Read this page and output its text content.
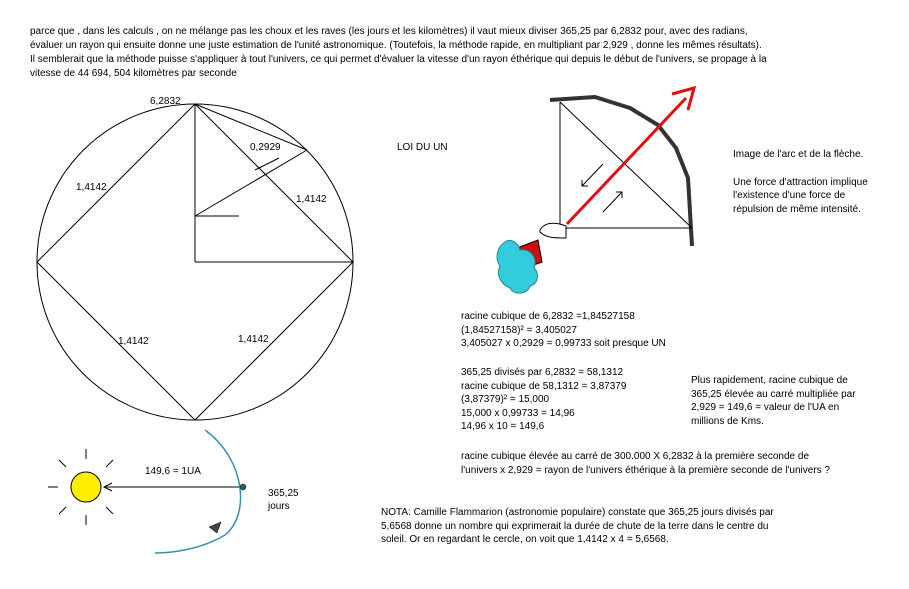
parce que , dans les calculs , on ne mélange pas les choux et les raves (les jours et les kilomètres) il vaut mieux diviser 365,25 par 6,2832 pour, avec des radians,
évaluer un rayon qui ensuite donne une juste estimation de l'unité astronomique. (Toutefois, la méthode rapide, en multipliant par 2,929 , donne les mêmes résultats).
Il semblerait que la méthode puisse s'appliquer à tout l'univers, ce qui permet d'évaluer la vitesse d'un rayon éthérique qui depuis le début de l'univers, se propage à la
vitesse de 44 694, 504 kilomètres par seconde
6,2832
0,2929
1,4142
1,4142
1,4142	1,4142
LOI DU UN
Image de l'arc et de la flèche.
Une force d'attraction implique
l'existence d'une force de
répulsion de même intensité.
149,6 = 1UA
365,25
jours
racine cubique de 6,2832 =1,84527158
(1,84527158)² = 3,405027
3,405027 x 0,2929 = 0,99733 soit presque UN
365,25 divisés par 6,2832 = 58,1312
racine cubique de 58,1312 = 3,87379
(3,87379)² = 15,000
15,000 x 0,99733 = 14,96
14,96 x 10 = 149,6
Plus rapidement, racine cubique de
365,25 élevée au carré multipliée par
2,929 = 149,6 = valeur de l'UA en
millions de Kms.
racine cubique élevée au carré de 300.000 X 6,2832 à la première seconde de
l'univers x 2,929 = rayon de l'univers éthérique à la première seconde de l'univers ?
NOTA: Camille Flammarion (astronomie populaire) constate que 365,25 jours divisés par
5,6568 donne un nombre qui exprimerait la durée de chute de la terre dans le centre du
soleil. Or en regardant le cercle, on voit que 1,4142 x 4 = 5,6568.
